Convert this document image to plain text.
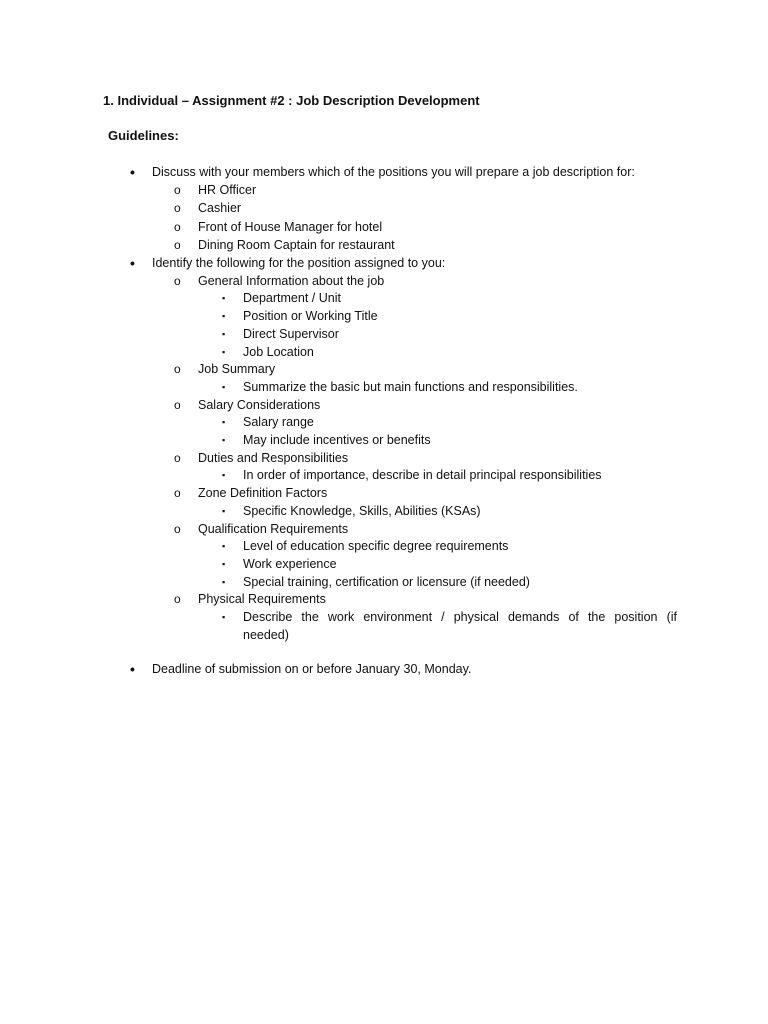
1. Individual – Assignment #2 : Job Description Development
Guidelines:
• Discuss with your members which of the positions you will prepare a job description for:
o HR Officer
o Cashier
o Front of House Manager for hotel
o Dining Room Captain for restaurant
• Identify the following for the position assigned to you:
o General Information about the job
▪ Department / Unit
▪ Position or Working Title
▪ Direct Supervisor
▪ Job Location
o Job Summary
▪ Summarize the basic but main functions and responsibilities.
o Salary Considerations
▪ Salary range
▪ May include incentives or benefits
o Duties and Responsibilities
▪ In order of importance, describe in detail principal responsibilities
o Zone Definition Factors
▪ Specific Knowledge, Skills, Abilities (KSAs)
o Qualification Requirements
▪ Level of education specific degree requirements
▪ Work experience
▪ Special training, certification or licensure (if needed)
o Physical Requirements
▪ Describe the work environment / physical demands of the position (if
needed)
• Deadline of submission on or before January 30, Monday.
